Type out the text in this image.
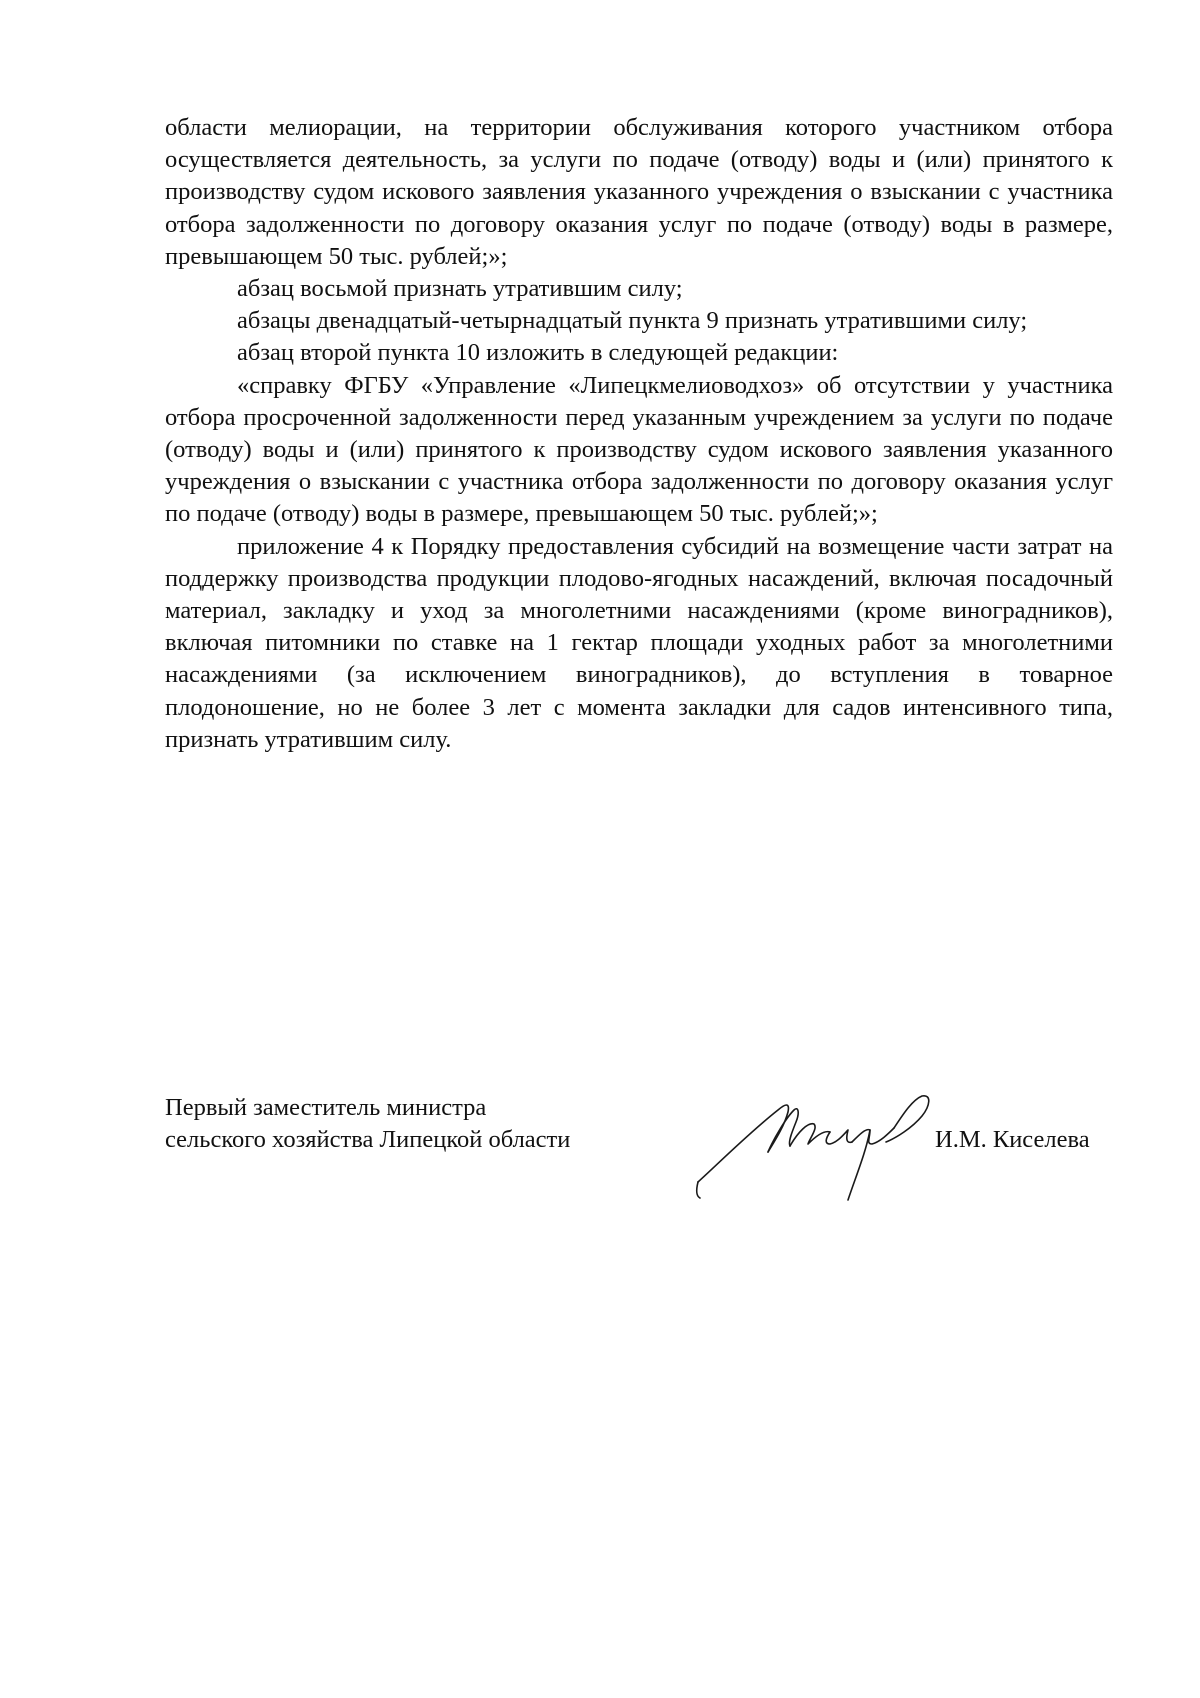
области мелиорации, на территории обслуживания которого участником отбора осуществляется деятельность, за услуги по подаче (отводу) воды и (или) принятого к производству судом искового заявления указанного учреждения о взыскании с участника отбора задолженности по договору оказания услуг по подаче (отводу) воды в размере, превышающем 50 тыс. рублей;»;

абзац восьмой признать утратившим силу;

абзацы двенадцатый-четырнадцатый пункта 9 признать утратившими силу;

абзац второй пункта 10 изложить в следующей редакции:

«справку ФГБУ «Управление «Липецкмелиоводхоз» об отсутствии у участника отбора просроченной задолженности перед указанным учреждением за услуги по подаче (отводу) воды и (или) принятого к производству судом искового заявления указанного учреждения о взыскании с участника отбора задолженности по договору оказания услуг по подаче (отводу) воды в размере, превышающем 50 тыс. рублей;»;

приложение 4 к Порядку предоставления субсидий на возмещение части затрат на поддержку производства продукции плодово-ягодных насаждений, включая посадочный материал, закладку и уход за многолетними насаждениями (кроме виноградников), включая питомники по ставке на 1 гектар площади уходных работ за многолетними насаждениями (за исключением виноградников), до вступления в товарное плодоношение, но не более 3 лет с момента закладки для садов интенсивного типа, признать утратившим силу.

Первый заместитель министра
сельского хозяйства Липецкой области	И.М. Киселева
